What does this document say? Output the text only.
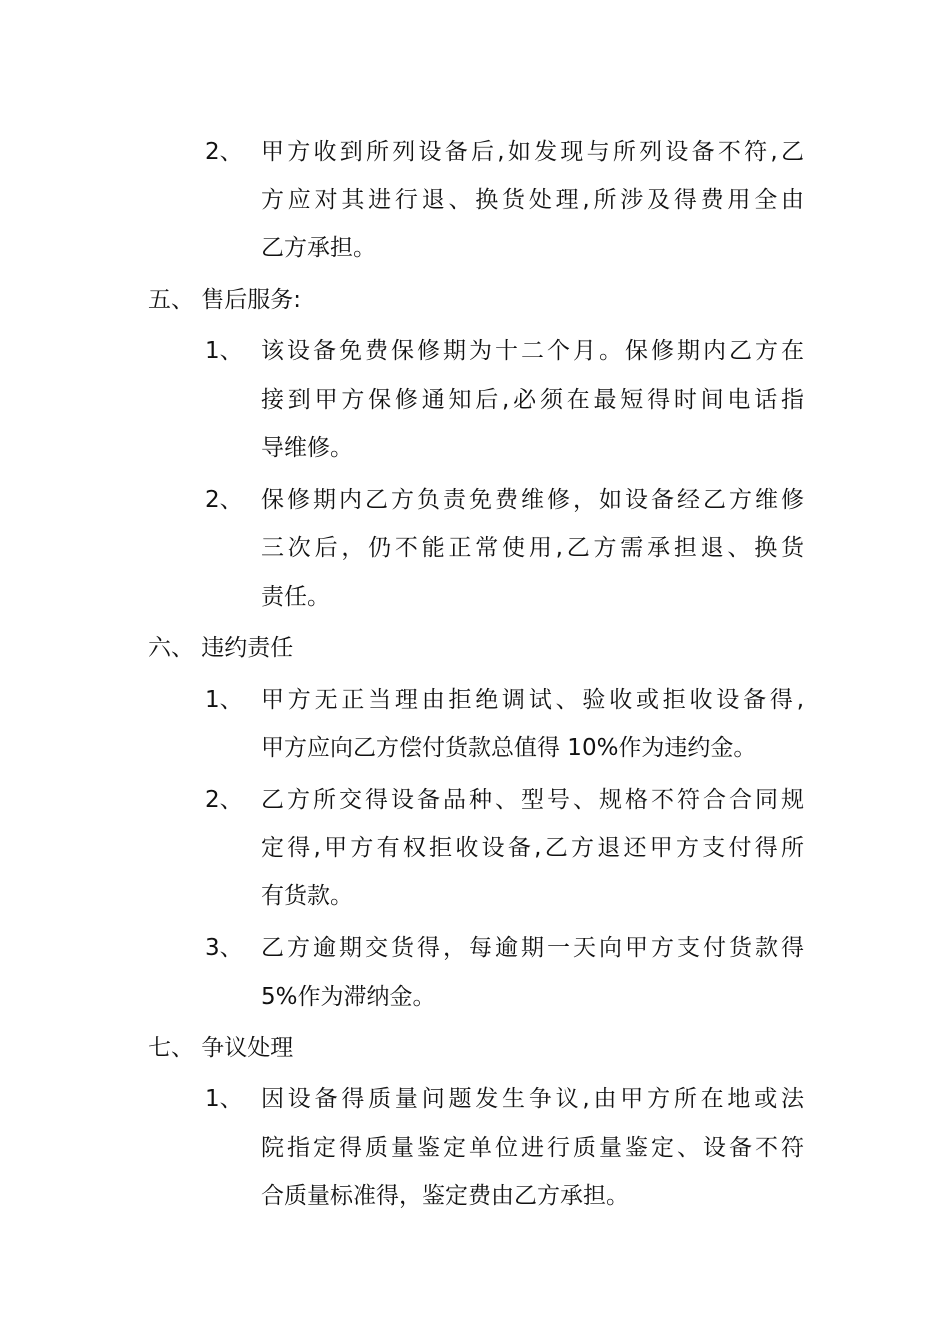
2、 甲方收到所列设备后,如发现与所列设备不符,乙
方应对其进行退、换货处理,所涉及得费用全由
乙方承担。
五、 售后服务:
1、 该设备免费保修期为十二个月。保修期内乙方在
接到甲方保修通知后,必须在最短得时间电话指
导维修。
2、 保修期内乙方负责免费维修，如设备经乙方维修
三次后，仍不能正常使用,乙方需承担退、换货
责任。
六、 违约责任
1、 甲方无正当理由拒绝调试、验收或拒收设备得,
甲方应向乙方偿付货款总值得 10%作为违约金。
2、 乙方所交得设备品种、型号、规格不符合合同规
定得,甲方有权拒收设备,乙方退还甲方支付得所
有货款。
3、 乙方逾期交货得，每逾期一天向甲方支付货款得
5%作为滞纳金。
七、 争议处理
1、 因设备得质量问题发生争议,由甲方所在地或法
院指定得质量鉴定单位进行质量鉴定、设备不符
合质量标准得，鉴定费由乙方承担。
